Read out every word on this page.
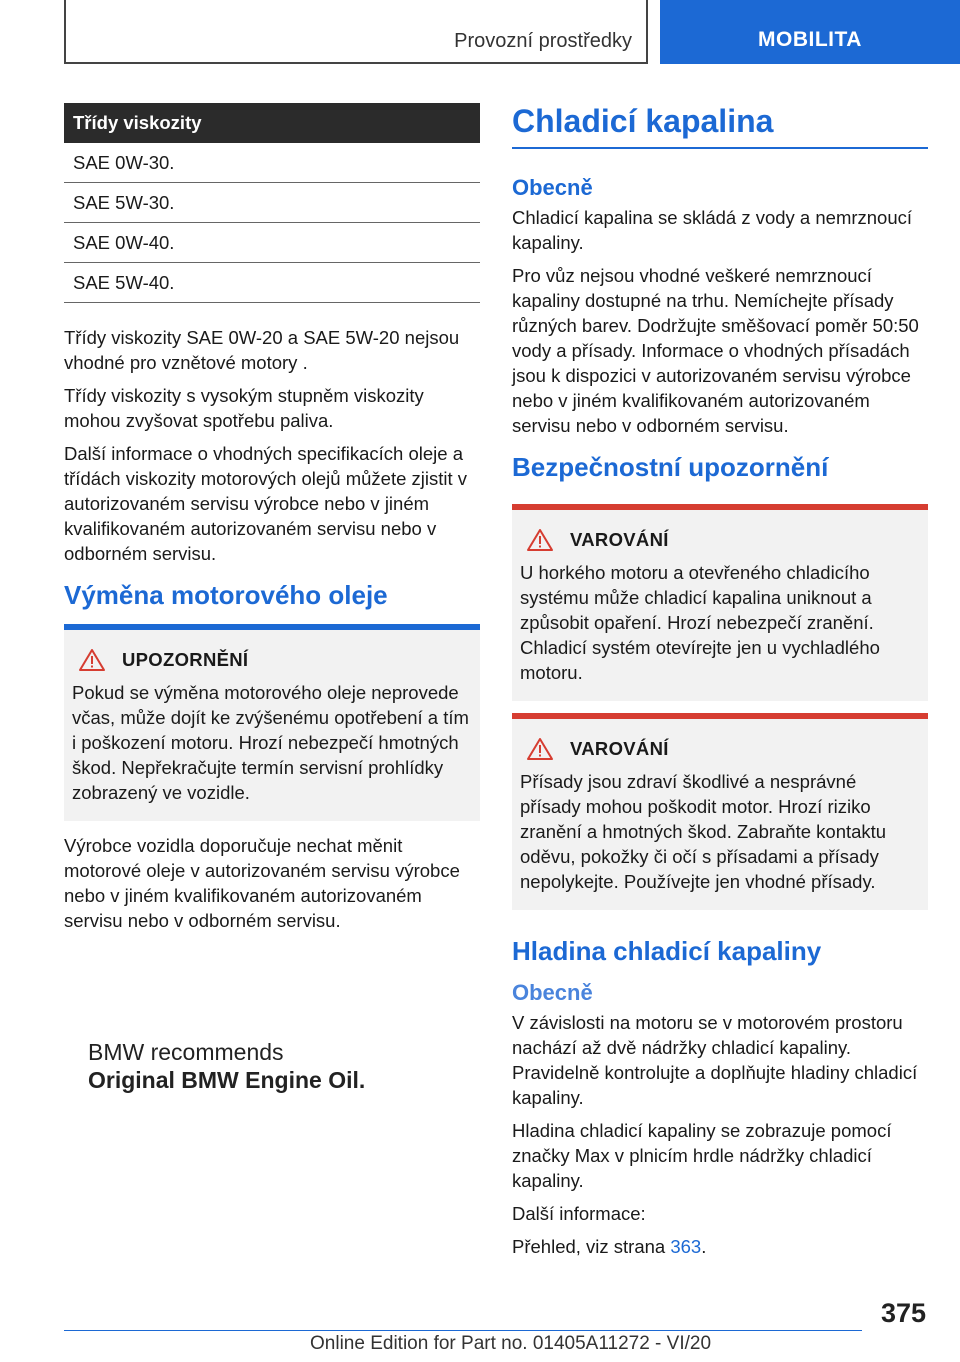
Provozní prostředky	MOBILITA
Třídy viskozity
SAE 0W-30.
SAE 5W-30.
SAE 0W-40.
SAE 5W-40.

Třídy viskozity SAE 0W-20 a SAE 5W-20 nejsou vhodné pro vznětové motory .

Třídy viskozity s vysokým stupněm viskozity mohou zvyšovat spotřebu paliva.

Další informace o vhodných specifikacích oleje a třídách viskozity motorových olejů můžete zjistit v autorizovaném servisu výrobce nebo v jiném kvalifikovaném autorizovaném servisu nebo v odborném servisu.

Výměna motorového oleje
UPOZORNĚNÍ

Pokud se výměna motorového oleje neprovede včas, může dojít ke zvýšenému opotřebení a tím i poškození motoru. Hrozí nebezpečí hmotných škod. Nepřekračujte termín servisní prohlídky zobrazený ve vozidle.

Výrobce vozidla doporučuje nechat měnit motorové oleje v autorizovaném servisu výrobce nebo v jiném kvalifikovaném autorizovaném servisu nebo v odborném servisu.

BMW recommends
Original BMW Engine Oil.
Chladicí kapalina
Obecně

Chladicí kapalina se skládá z vody a nemrznoucí kapaliny.

Pro vůz nejsou vhodné veškeré nemrznoucí kapaliny dostupné na trhu. Nemíchejte přísady různých barev. Dodržujte směšovací poměr 50:50 vody a přísady. Informace o vhodných přísadách jsou k dispozici v autorizovaném servisu výrobce nebo v jiném kvalifikovaném autorizovaném servisu nebo v odborném servisu.

Bezpečnostní upozornění
VAROVÁNÍ

U horkého motoru a otevřeného chladicího systému může chladicí kapalina uniknout a způsobit opaření. Hrozí nebezpečí zranění. Chladicí systém otevírejte jen u vychladlého motoru.

VAROVÁNÍ

Přísady jsou zdraví škodlivé a nesprávné přísady mohou poškodit motor. Hrozí riziko zranění a hmotných škod. Zabraňte kontaktu oděvu, pokožky či očí s přísadami a přísady nepolykejte. Používejte jen vhodné přísady.

Hladina chladicí kapaliny
Obecně

V závislosti na motoru se v motorovém prostoru nachází až dvě nádržky chladicí kapaliny. Pravidelně kontrolujte a doplňujte hladiny chladicí kapaliny.

Hladina chladicí kapaliny se zobrazuje pomocí značky Max v plnicím hrdle nádržky chladicí kapaliny.

Další informace:

Přehled, viz strana 363.

375
Online Edition for Part no. 01405A11272 - VI/20
